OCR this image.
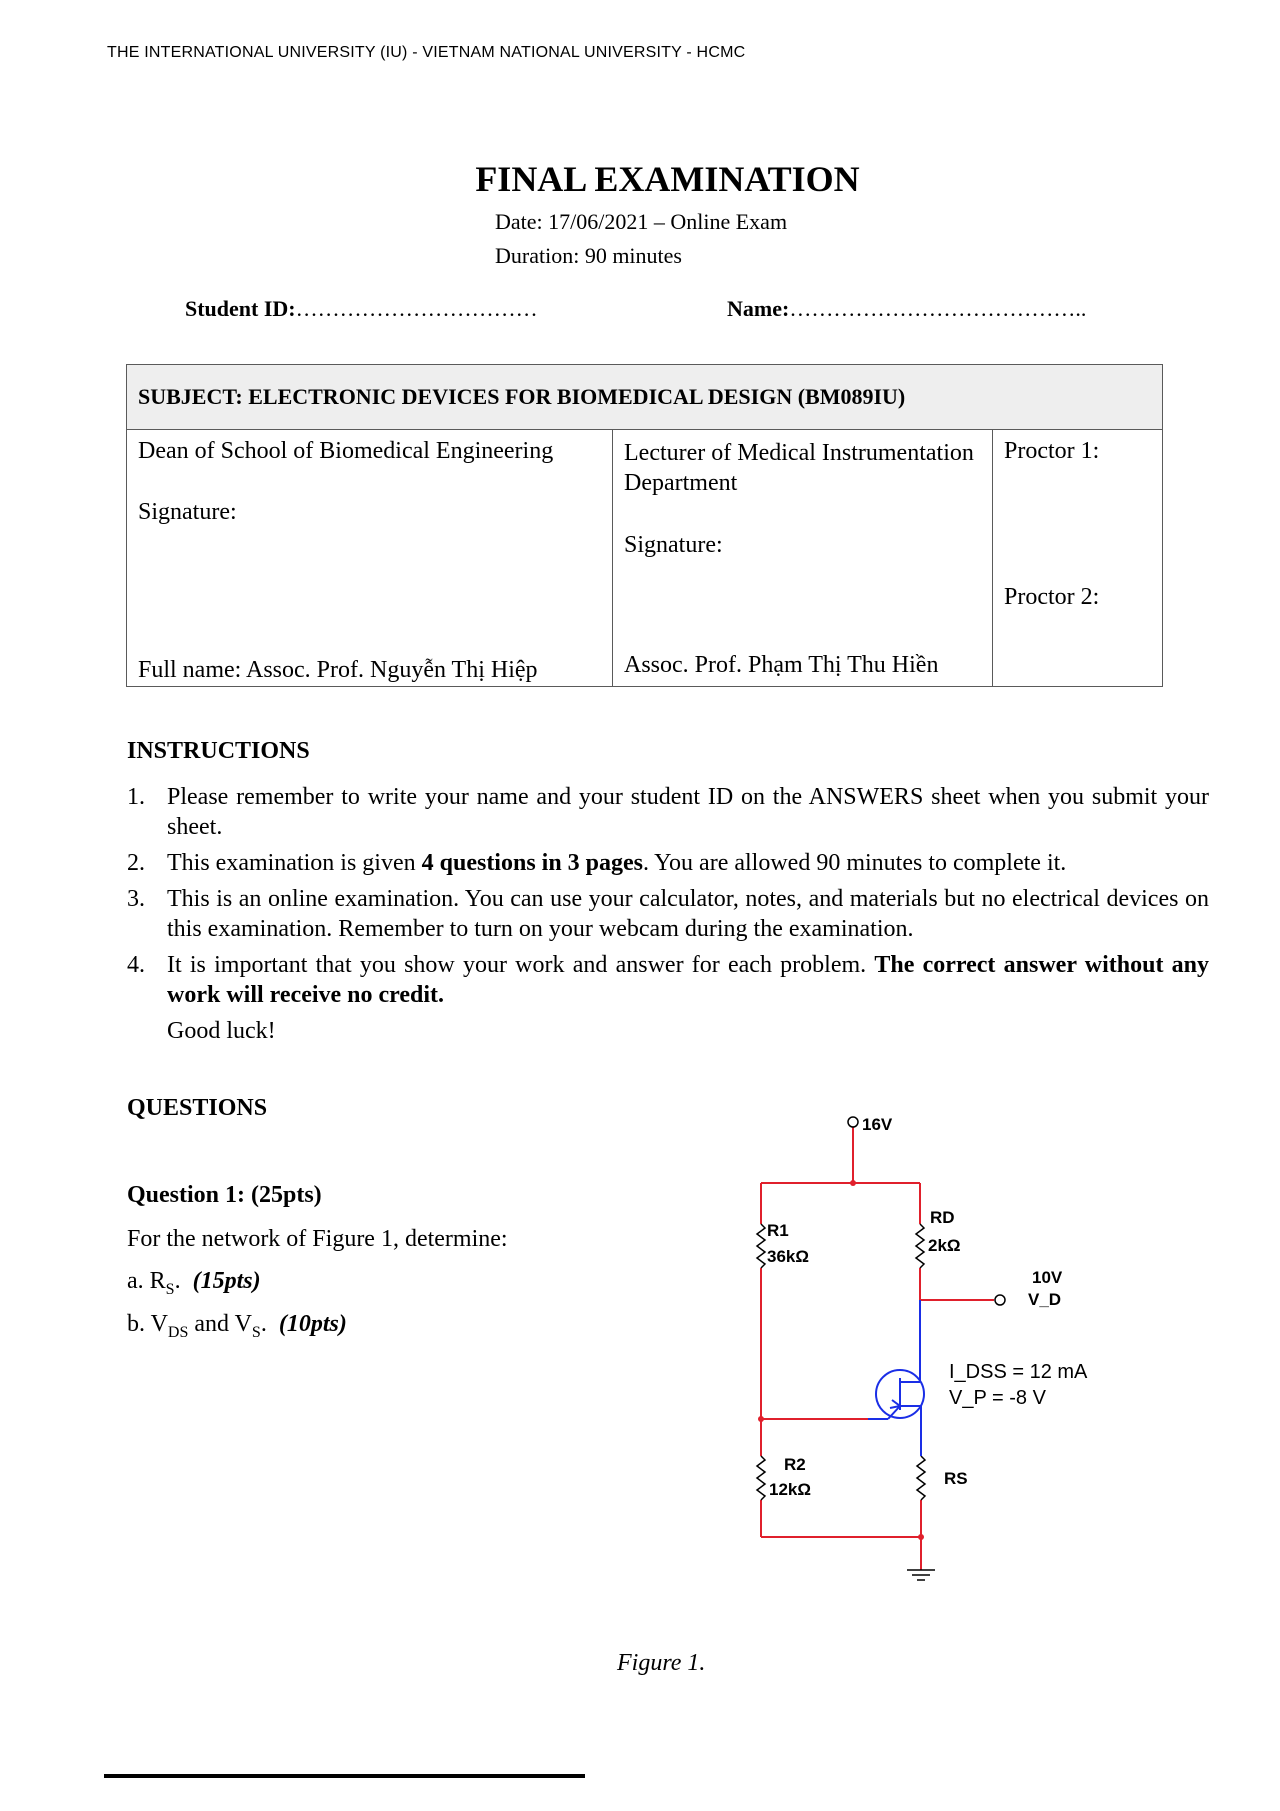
THE INTERNATIONAL UNIVERSITY (IU) - VIETNAM NATIONAL UNIVERSITY - HCMC
FINAL EXAMINATION
Date: 17/06/2021 – Online Exam
Duration: 90 minutes
Student ID:……………………………	Name:…………………………………..
SUBJECT: ELECTRONIC DEVICES FOR BIOMEDICAL DESIGN (BM089IU)

Dean of School of Biomedical Engineering
Signature:
Full name: Assoc. Prof. Nguyễn Thị Hiệp

Lecturer of Medical Instrumentation Department
Signature:
Assoc. Prof. Phạm Thị Thu Hiền

Proctor 1:
Proctor 2:
INSTRUCTIONS
1. Please remember to write your name and your student ID on the ANSWERS sheet when you submit your sheet.
2. This examination is given 4 questions in 3 pages. You are allowed 90 minutes to complete it.
3. This is an online examination. You can use your calculator, notes, and materials but no electrical devices on this examination. Remember to turn on your webcam during the examination.
4. It is important that you show your work and answer for each problem. The correct answer without any work will receive no credit.
Good luck!
QUESTIONS
Question 1: (25pts)
For the network of Figure 1, determine:
a. $R_S$. (15pts)
b. $V_{DS}$ and $V_S$. (10pts)
16V
R1
36kΩ
RD
2kΩ
10V
V_D
I_DSS = 12 mA
V_P = -8 V
R2
12kΩ
RS
Figure 1.
